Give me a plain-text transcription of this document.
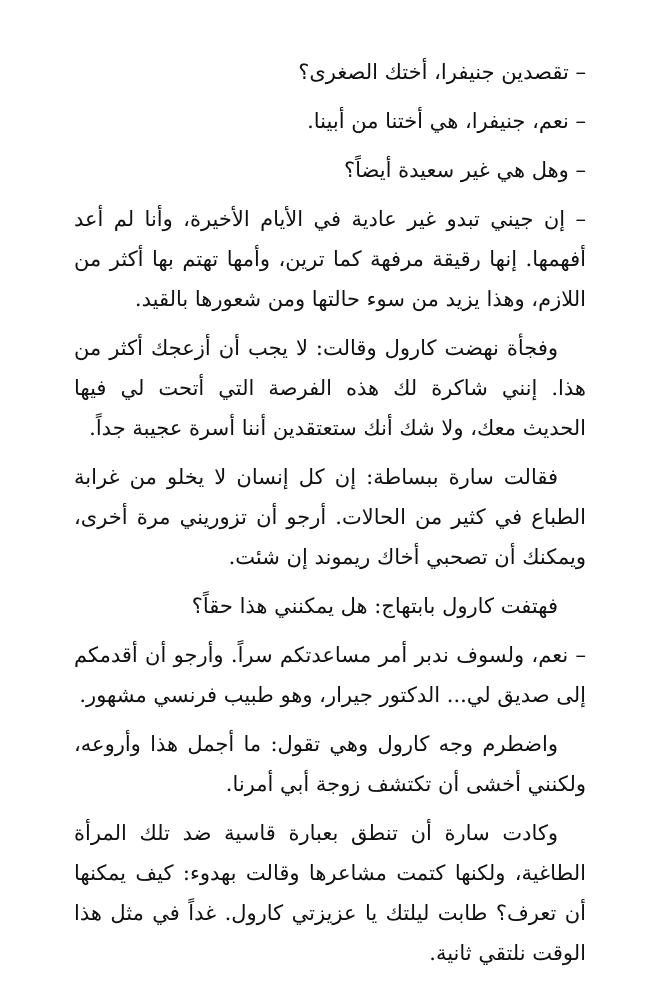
– تقصدين جنيفرا، أختك الصغرى؟

– نعم، جنيفرا، هي أختنا من أبينا.

– وهل هي غير سعيدة أيضاً؟

– إن جيني تبدو غير عادية في الأيام الأخيرة، وأنا لم أعد أفهمها. إنها رقيقة مرفهة كما ترين، وأمها تهتم بها أكثر من اللازم، وهذا يزيد من سوء حالتها ومن شعورها بالقيد.

وفجأة نهضت كارول وقالت: لا يجب أن أزعجك أكثر من هذا. إنني شاكرة لك هذه الفرصة التي أتحت لي فيها الحديث معك، ولا شك أنك ستعتقدين أننا أسرة عجيبة جداً.

فقالت سارة ببساطة: إن كل إنسان لا يخلو من غرابة الطباع في كثير من الحالات. أرجو أن تزوريني مرة أخرى، ويمكنك أن تصحبي أخاك ريموند إن شئت.

فهتفت كارول بابتهاج: هل يمكنني هذا حقاً؟

– نعم، ولسوف ندبر أمر مساعدتكم سراً. وأرجو أن أقدمكم إلى صديق لي... الدكتور جيرار، وهو طبيب فرنسي مشهور.

واضطرم وجه كارول وهي تقول: ما أجمل هذا وأروعه، ولكنني أخشى أن تكتشف زوجة أبي أمرنا.

وكادت سارة أن تنطق بعبارة قاسية ضد تلك المرأة الطاغية، ولكنها كتمت مشاعرها وقالت بهدوء: كيف يمكنها أن تعرف؟ طابت ليلتك يا عزيزتي كارول. غداً في مثل هذا الوقت نلتقي ثانية.
